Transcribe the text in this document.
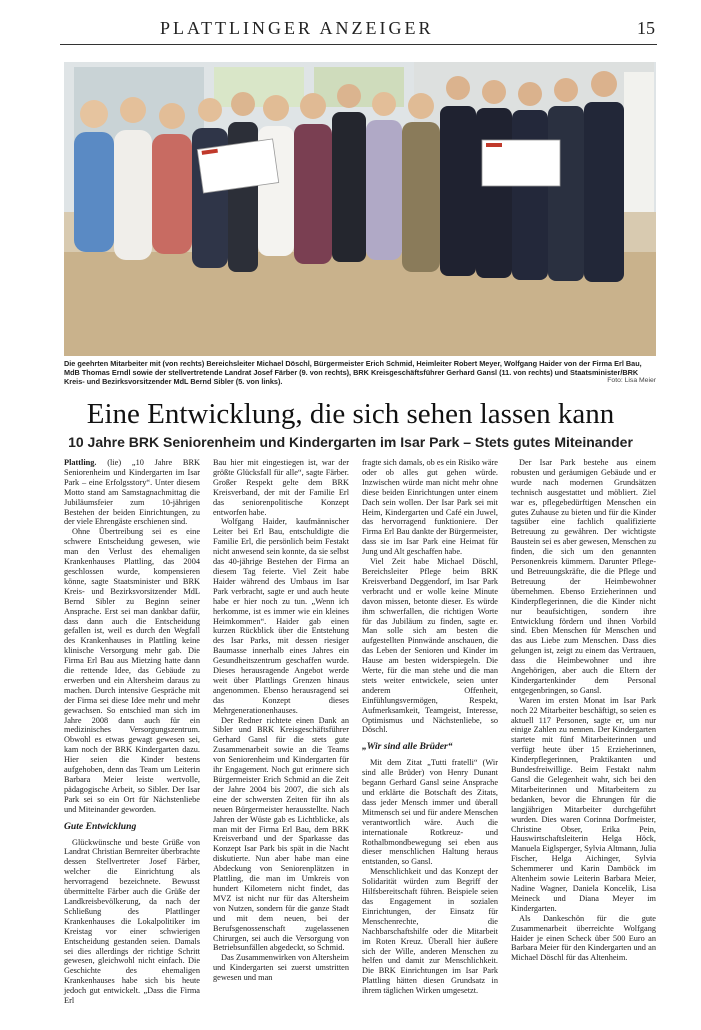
PLATTLINGER ANZEIGER	15
Die geehrten Mitarbeiter mit (von rechts) Bereichsleiter Michael Döschl, Bürgermeister Erich Schmid, Heimleiter Robert Meyer, Wolfgang Haider von der Firma Erl Bau, MdB Thomas Erndl sowie der stellvertretende Landrat Josef Färber (9. von rechts), BRK Kreisgeschäftsführer Gerhard Gansl (11. von rechts) und Staatsminister/BRK Kreis- und Bezirksvorsitzender MdL Bernd Sibler (5. von links).	Foto: Lisa Meier
Eine Entwicklung, die sich sehen lassen kann
10 Jahre BRK Seniorenheim und Kindergarten im Isar Park – Stets gutes Miteinander

Plattling. (lie) „10 Jahre BRK Seniorenheim und Kindergarten im Isar Park – eine Erfolgsstory“. Unter diesem Motto stand am Samstagnachmittag die Jubiläumsfeier zum 10-jährigen Bestehen der beiden Einrichtungen, zu der viele Ehrengäste erschienen sind.

Ohne Übertreibung sei es eine schwere Entscheidung gewesen, wie man den Verlust des ehemaligen Krankenhauses Plattling, das 2004 geschlossen wurde, kompensieren könne, sagte Staatsminister und BRK Kreis- und Bezirksvorsitzender MdL Bernd Sibler zu Beginn seiner Ansprache. Erst sei man dankbar dafür, dass dann auch die Entscheidung gefallen ist, weil es durch den Wegfall des Krankenhauses in Plattling keine klinische Versorgung mehr gab. Die Firma Erl Bau aus Mietzing hatte dann die rettende Idee, das Gebäude zu erwerben und ein Altersheim daraus zu machen. Durch intensive Gespräche mit der Firma sei diese Idee mehr und mehr gewachsen. So entschied man sich im Jahre 2008 dann auch für ein medizinisches Versorgungszentrum. Obwohl es etwas gewagt gewesen sei, kam noch der BRK Kindergarten dazu. Hier seien die Kinder bestens aufgehoben, denn das Team um Leiterin Barbara Meier leiste wertvolle, pädagogische Arbeit, so Sibler. Der Isar Park sei so ein Ort für Nächstenliebe und Miteinander geworden.

Gute Entwicklung

Glückwünsche und beste Grüße von Landrat Christian Bernreiter überbrachte dessen Stellvertreter Josef Färber, welcher die Einrichtung als hervorragend bezeichnete. Bewusst übermittelte Färber auch die Grüße der Landkreisbevölkerung, da nach der Schließung des Plattlinger Krankenhauses die Lokalpolitiker im Kreistag vor einer schwierigen Entscheidung gestanden seien. Damals sei dies allerdings der richtige Schritt gewesen, gleichwohl nicht einfach. Die Geschichte des ehemaligen Krankenhauses habe sich bis heute jedoch gut entwickelt. „Dass die Firma Erl

Bau hier mit eingestiegen ist, war der größte Glücksfall für alle“, sagte Färber. Großer Respekt gelte dem BRK Kreisverband, der mit der Familie Erl das seniorenpolitische Konzept entworfen habe.

Wolfgang Haider, kaufmännischer Leiter bei Erl Bau, entschuldigte die Familie Erl, die persönlich beim Festakt nicht anwesend sein konnte, da sie selbst das 40-jährige Bestehen der Firma an diesem Tag feierte. Viel Zeit habe Haider während des Umbaus im Isar Park verbracht, sagte er und auch heute habe er hier noch zu tun. „Wenn ich herkomme, ist es immer wie ein kleines Heimkommen“. Haider gab einen kurzen Rückblick über die Entstehung des Isar Parks, mit dessen riesiger Baumasse innerhalb eines Jahres ein Gesundheitszentrum geschaffen wurde. Dieses herausragende Angebot werde weit über Plattlings Grenzen hinaus angenommen. Ebenso herausragend sei das Konzept dieses Mehrgenerationenhauses.

Der Redner richtete einen Dank an Sibler und BRK Kreisgeschäftsführer Gerhard Gansl für die stets gute Zusammenarbeit sowie an die Teams von Seniorenheim und Kindergarten für ihr Engagement. Noch gut erinnere sich Bürgermeister Erich Schmid an die Zeit der Jahre 2004 bis 2007, die sich als eine der schwersten Zeiten für ihn als neuen Bürgermeister herausstellte. Nach Jahren der Wüste gab es Lichtblicke, als man mit der Firma Erl Bau, dem BRK Kreisverband und der Sparkasse das Konzept Isar Park bis spät in die Nacht diskutierte. Nun aber habe man eine Abdeckung von Seniorenplätzen in Plattling, die man im Umkreis von hundert Kilometern nicht findet, das MVZ ist nicht nur für das Altersheim von Nutzen, sondern für die ganze Stadt und mit dem neuen, bei der Berufsgenossenschaft zugelassenen Chirurgen, sei auch die Versorgung von Betriebsunfällen abgedeckt, so Schmid.

Das Zusammenwirken von Altersheim und Kindergarten sei zuerst umstritten gewesen und man

fragte sich damals, ob es ein Risiko wäre oder ob alles gut gehen würde. Inzwischen würde man nicht mehr ohne diese beiden Einrichtungen unter einem Dach sein wollen. Der Isar Park sei mit Heim, Kindergarten und Café ein Juwel, das hervorragend funktioniere. Der Firma Erl Bau dankte der Bürgermeister, dass sie im Isar Park eine Heimat für Jung und Alt geschaffen habe.

Viel Zeit habe Michael Döschl, Bereichsleiter Pflege beim BRK Kreisverband Deggendorf, im Isar Park verbracht und er wolle keine Minute davon missen, betonte dieser. Es würde ihm schwerfallen, die richtigen Worte für das Jubiläum zu finden, sagte er. Man solle sich am besten die aufgestellten Pinnwände anschauen, die das Leben der Senioren und Kinder im Hause am besten widerspiegeln. Die Werte, für die man stehe und die man stets weiter entwickele, seien unter anderem Offenheit, Einfühlungsvermögen, Respekt, Aufmerksamkeit, Teamgeist, Interesse, Optimismus und Nächstenliebe, so Döschl.

„Wir sind alle Brüder“

Mit dem Zitat „Tutti fratelli“ (Wir sind alle Brüder) von Henry Dunant begann Gerhard Gansl seine Ansprache und erklärte die Botschaft des Zitats, dass jeder Mensch immer und überall Mitmensch sei und für andere Menschen verantwortlich wäre. Auch die internationale Rotkreuz- und Rothalbmondbewegung sei eben aus dieser menschlichen Haltung heraus entstanden, so Gansl.

Menschlichkeit und das Konzept der Solidarität würden zum Begriff der Hilfsbereitschaft führen. Beispiele seien das Engagement in sozialen Einrichtungen, der Einsatz für Menschenrechte, die Nachbarschaftshilfe oder die Mitarbeit im Roten Kreuz. Überall hier äußere sich der Wille, anderen Menschen zu helfen und damit zur Menschlichkeit. Die BRK Einrichtungen im Isar Park Plattling hätten diesen Grundsatz in ihrem täglichen Wirken umgesetzt.

Der Isar Park bestehe aus einem robusten und geräumigen Gebäude und er wurde nach modernen Grundsätzen technisch ausgestattet und möbliert. Ziel war es, pflegebedürftigen Menschen ein gutes Zuhause zu bieten und für die Kinder tagsüber eine fachlich qualifizierte Betreuung zu gewähren. Der wichtigste Baustein sei es aber gewesen, Menschen zu finden, die sich um den genannten Personenkreis kümmern. Darunter Pflege- und Betreuungskräfte, die die Pflege und Betreuung der Heimbewohner übernehmen. Ebenso Erzieherinnen und Kinderpflegerinnen, die die Kinder nicht nur beaufsichtigen, sondern ihre Entwicklung fördern und ihnen Vorbild sind. Eben Menschen für Menschen und das aus Liebe zum Menschen. Dass dies gelungen ist, zeigt zu einem das Vertrauen, dass die Heimbewohner und ihre Angehörigen, aber auch die Eltern der Kindergartenkinder dem Personal entgegenbringen, so Gansl.

Waren im ersten Monat im Isar Park noch 22 Mitarbeiter beschäftigt, so seien es aktuell 117 Personen, sagte er, um nur einige Zahlen zu nennen. Der Kindergarten startete mit fünf Mitarbeiterinnen und verfügt heute über 15 Erzieherinnen, Kinderpflegerinnen, Praktikanten und Bundesfreiwillige. Beim Festakt nahm Gansl die Gelegenheit wahr, sich bei den Mitarbeiterinnen und Mitarbeitern zu bedanken, bevor die Ehrungen für die langjährigen Mitarbeiter durchgeführt wurden. Dies waren Corinna Dorfmeister, Christine Obser, Erika Pein, Hauswirtschaftsleiterin Helga Höck, Manuela Eiglsperger, Sylvia Altmann, Julia Fischer, Helga Aichinger, Sylvia Schemmerer und Karin Damböck im Altenheim sowie Leiterin Barbara Meier, Nadine Wagner, Daniela Koncelik, Lisa Meineck und Diana Meyer im Kindergarten.

Als Dankeschön für die gute Zusammenarbeit überreichte Wolfgang Haider je einen Scheck über 500 Euro an Barbara Meier für den Kindergarten und an Michael Döschl für das Altenheim.
